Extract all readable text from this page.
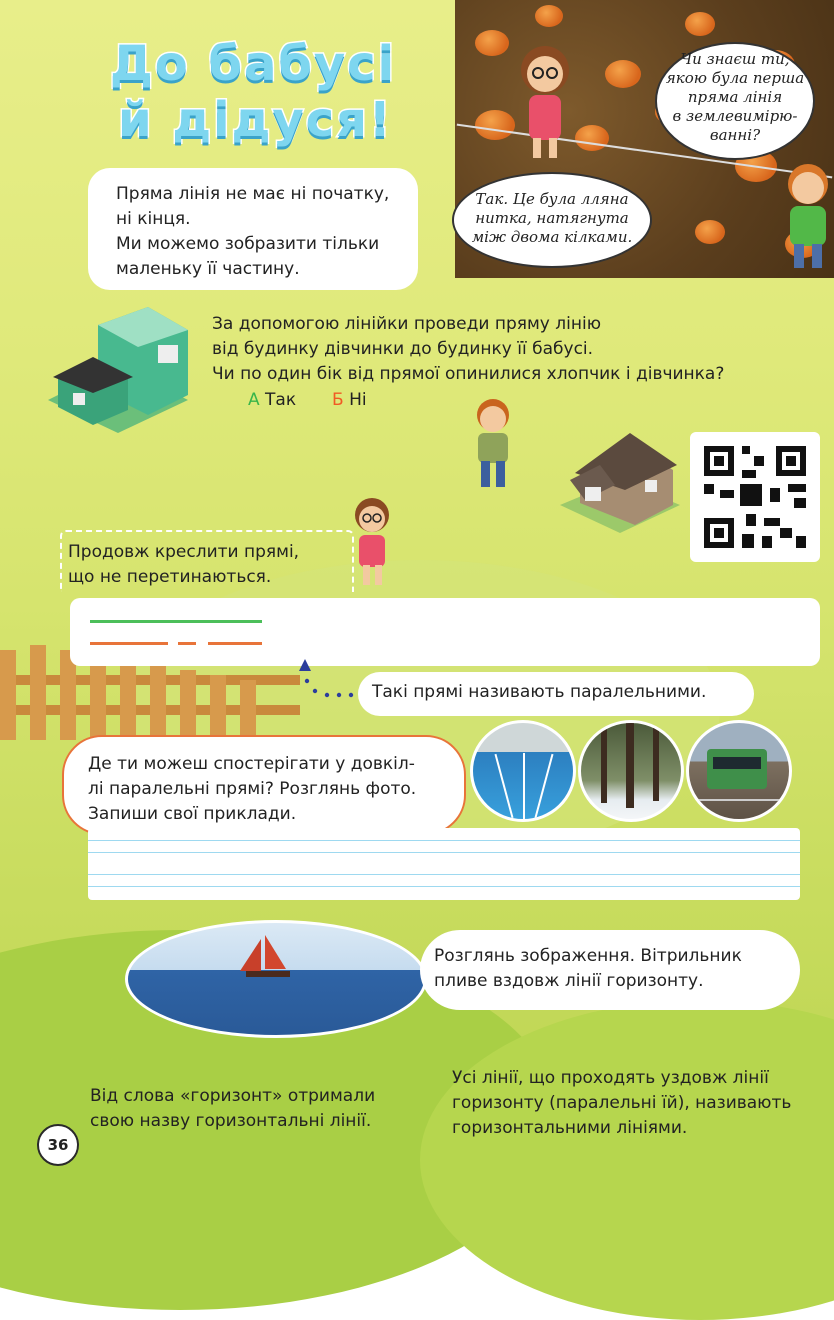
Чи знаєш ти,
якою була перша
пряма лінія
в землевимірю-
ванні?
Так. Це була лляна
нитка, натягнута
між двома кілками.
До бабусі
й дідуся!
Пряма лінія не має ні початку,
ні кінця.
Ми можемо зобразити тільки
маленьку її частину.
За допомогою лінійки проведи пряму лінію
від будинку дівчинки до будинку її бабусі.
Чи по один бік від прямої опинилися хлопчик і дівчинка?
А Так Б Ні
Продовж креслити прямі,
що не перетинаються.
Такі прямі називають паралельними.
Де ти можеш спостерігати у довкіл-
лі паралельні прямі? Розглянь фото.
Запиши свої приклади.
Розглянь зображення. Вітрильник
пливе вздовж лінії горизонту.
Від слова «горизонт» отримали
свою назву горизонтальні лінії.
Усі лінії, що проходять уздовж лінії
горизонту (паралельні їй), називають
горизонтальними лініями.
36
